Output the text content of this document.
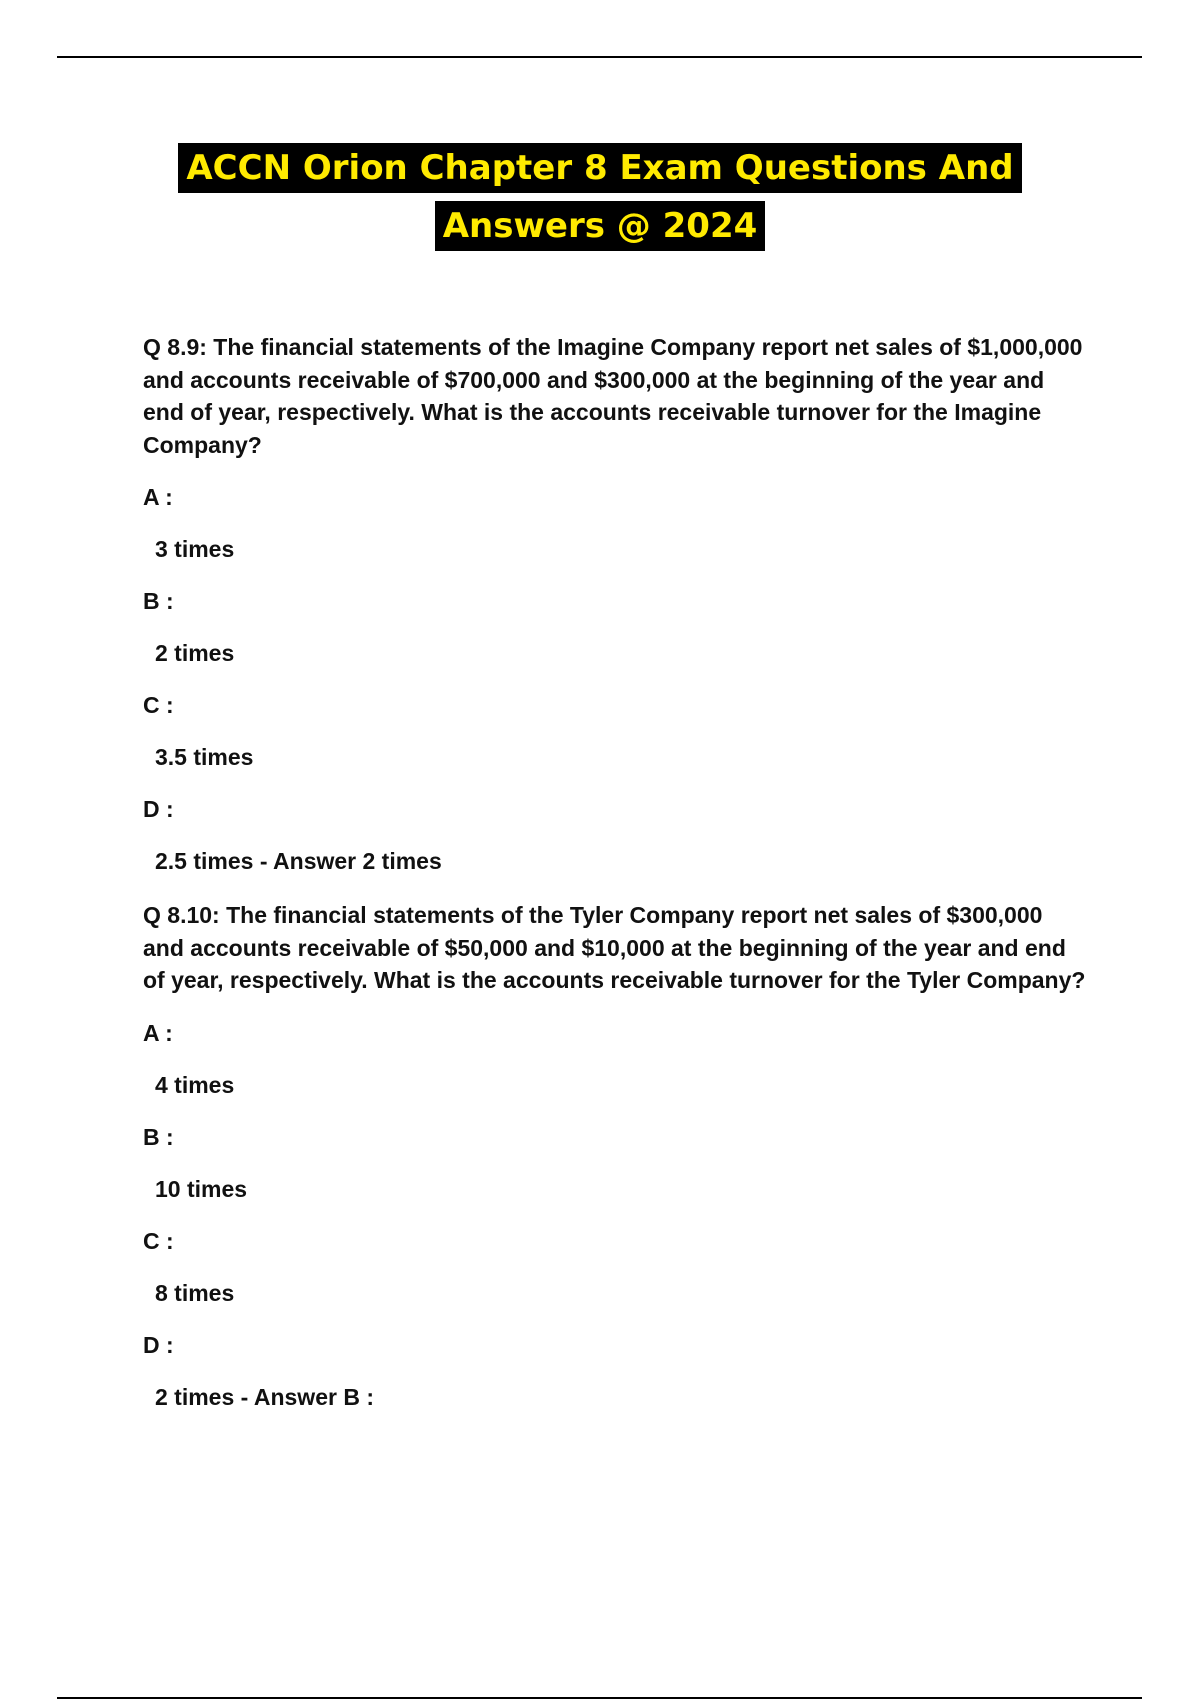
ACCN Orion Chapter 8 Exam Questions And
Answers @ 2024

Q 8.9: The financial statements of the Imagine Company report net sales of $1,000,000 and accounts receivable of $700,000 and $300,000 at the beginning of the year and end of year, respectively. What is the accounts receivable turnover for the Imagine Company?

A :
3 times
B :
2 times
C :
3.5 times
D :
2.5 times - Answer 2 times

Q 8.10: The financial statements of the Tyler Company report net sales of $300,000 and accounts receivable of $50,000 and $10,000 at the beginning of the year and end of year, respectively. What is the accounts receivable turnover for the Tyler Company?

A :
4 times
B :
10 times
C :
8 times
D :
2 times - Answer B :
